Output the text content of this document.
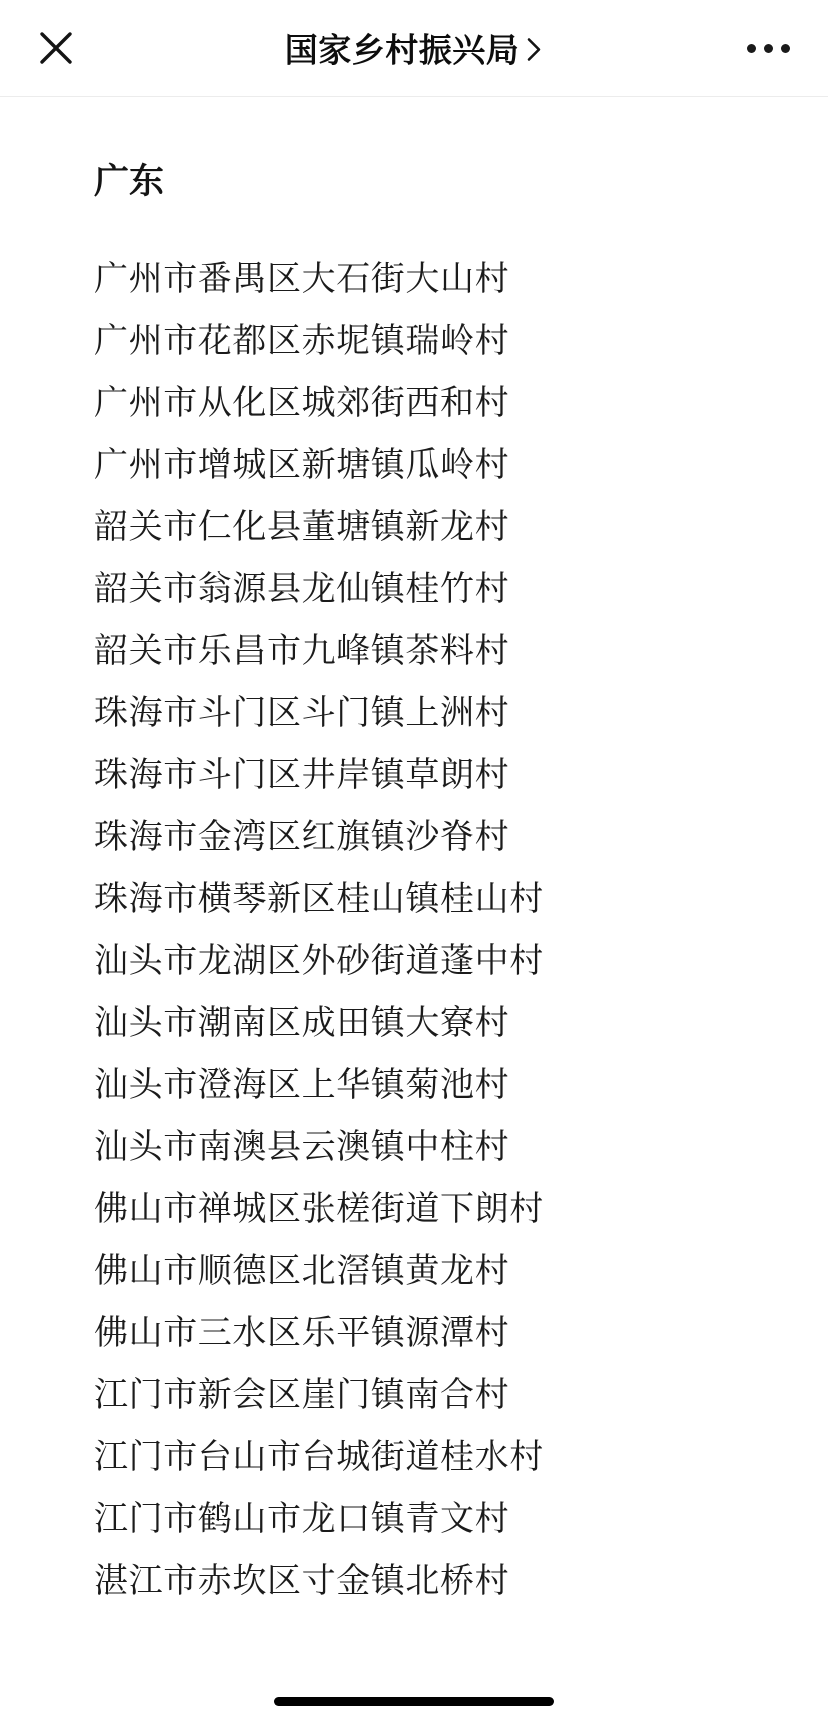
国家乡村振兴局
广东
广州市番禺区大石街大山村
广州市花都区赤坭镇瑞岭村
广州市从化区城郊街西和村
广州市增城区新塘镇瓜岭村
韶关市仁化县董塘镇新龙村
韶关市翁源县龙仙镇桂竹村
韶关市乐昌市九峰镇茶料村
珠海市斗门区斗门镇上洲村
珠海市斗门区井岸镇草朗村
珠海市金湾区红旗镇沙脊村
珠海市横琴新区桂山镇桂山村
汕头市龙湖区外砂街道蓬中村
汕头市潮南区成田镇大寮村
汕头市澄海区上华镇菊池村
汕头市南澳县云澳镇中柱村
佛山市禅城区张槎街道下朗村
佛山市顺德区北滘镇黄龙村
佛山市三水区乐平镇源潭村
江门市新会区崖门镇南合村
江门市台山市台城街道桂水村
江门市鹤山市龙口镇青文村
湛江市赤坎区寸金镇北桥村
